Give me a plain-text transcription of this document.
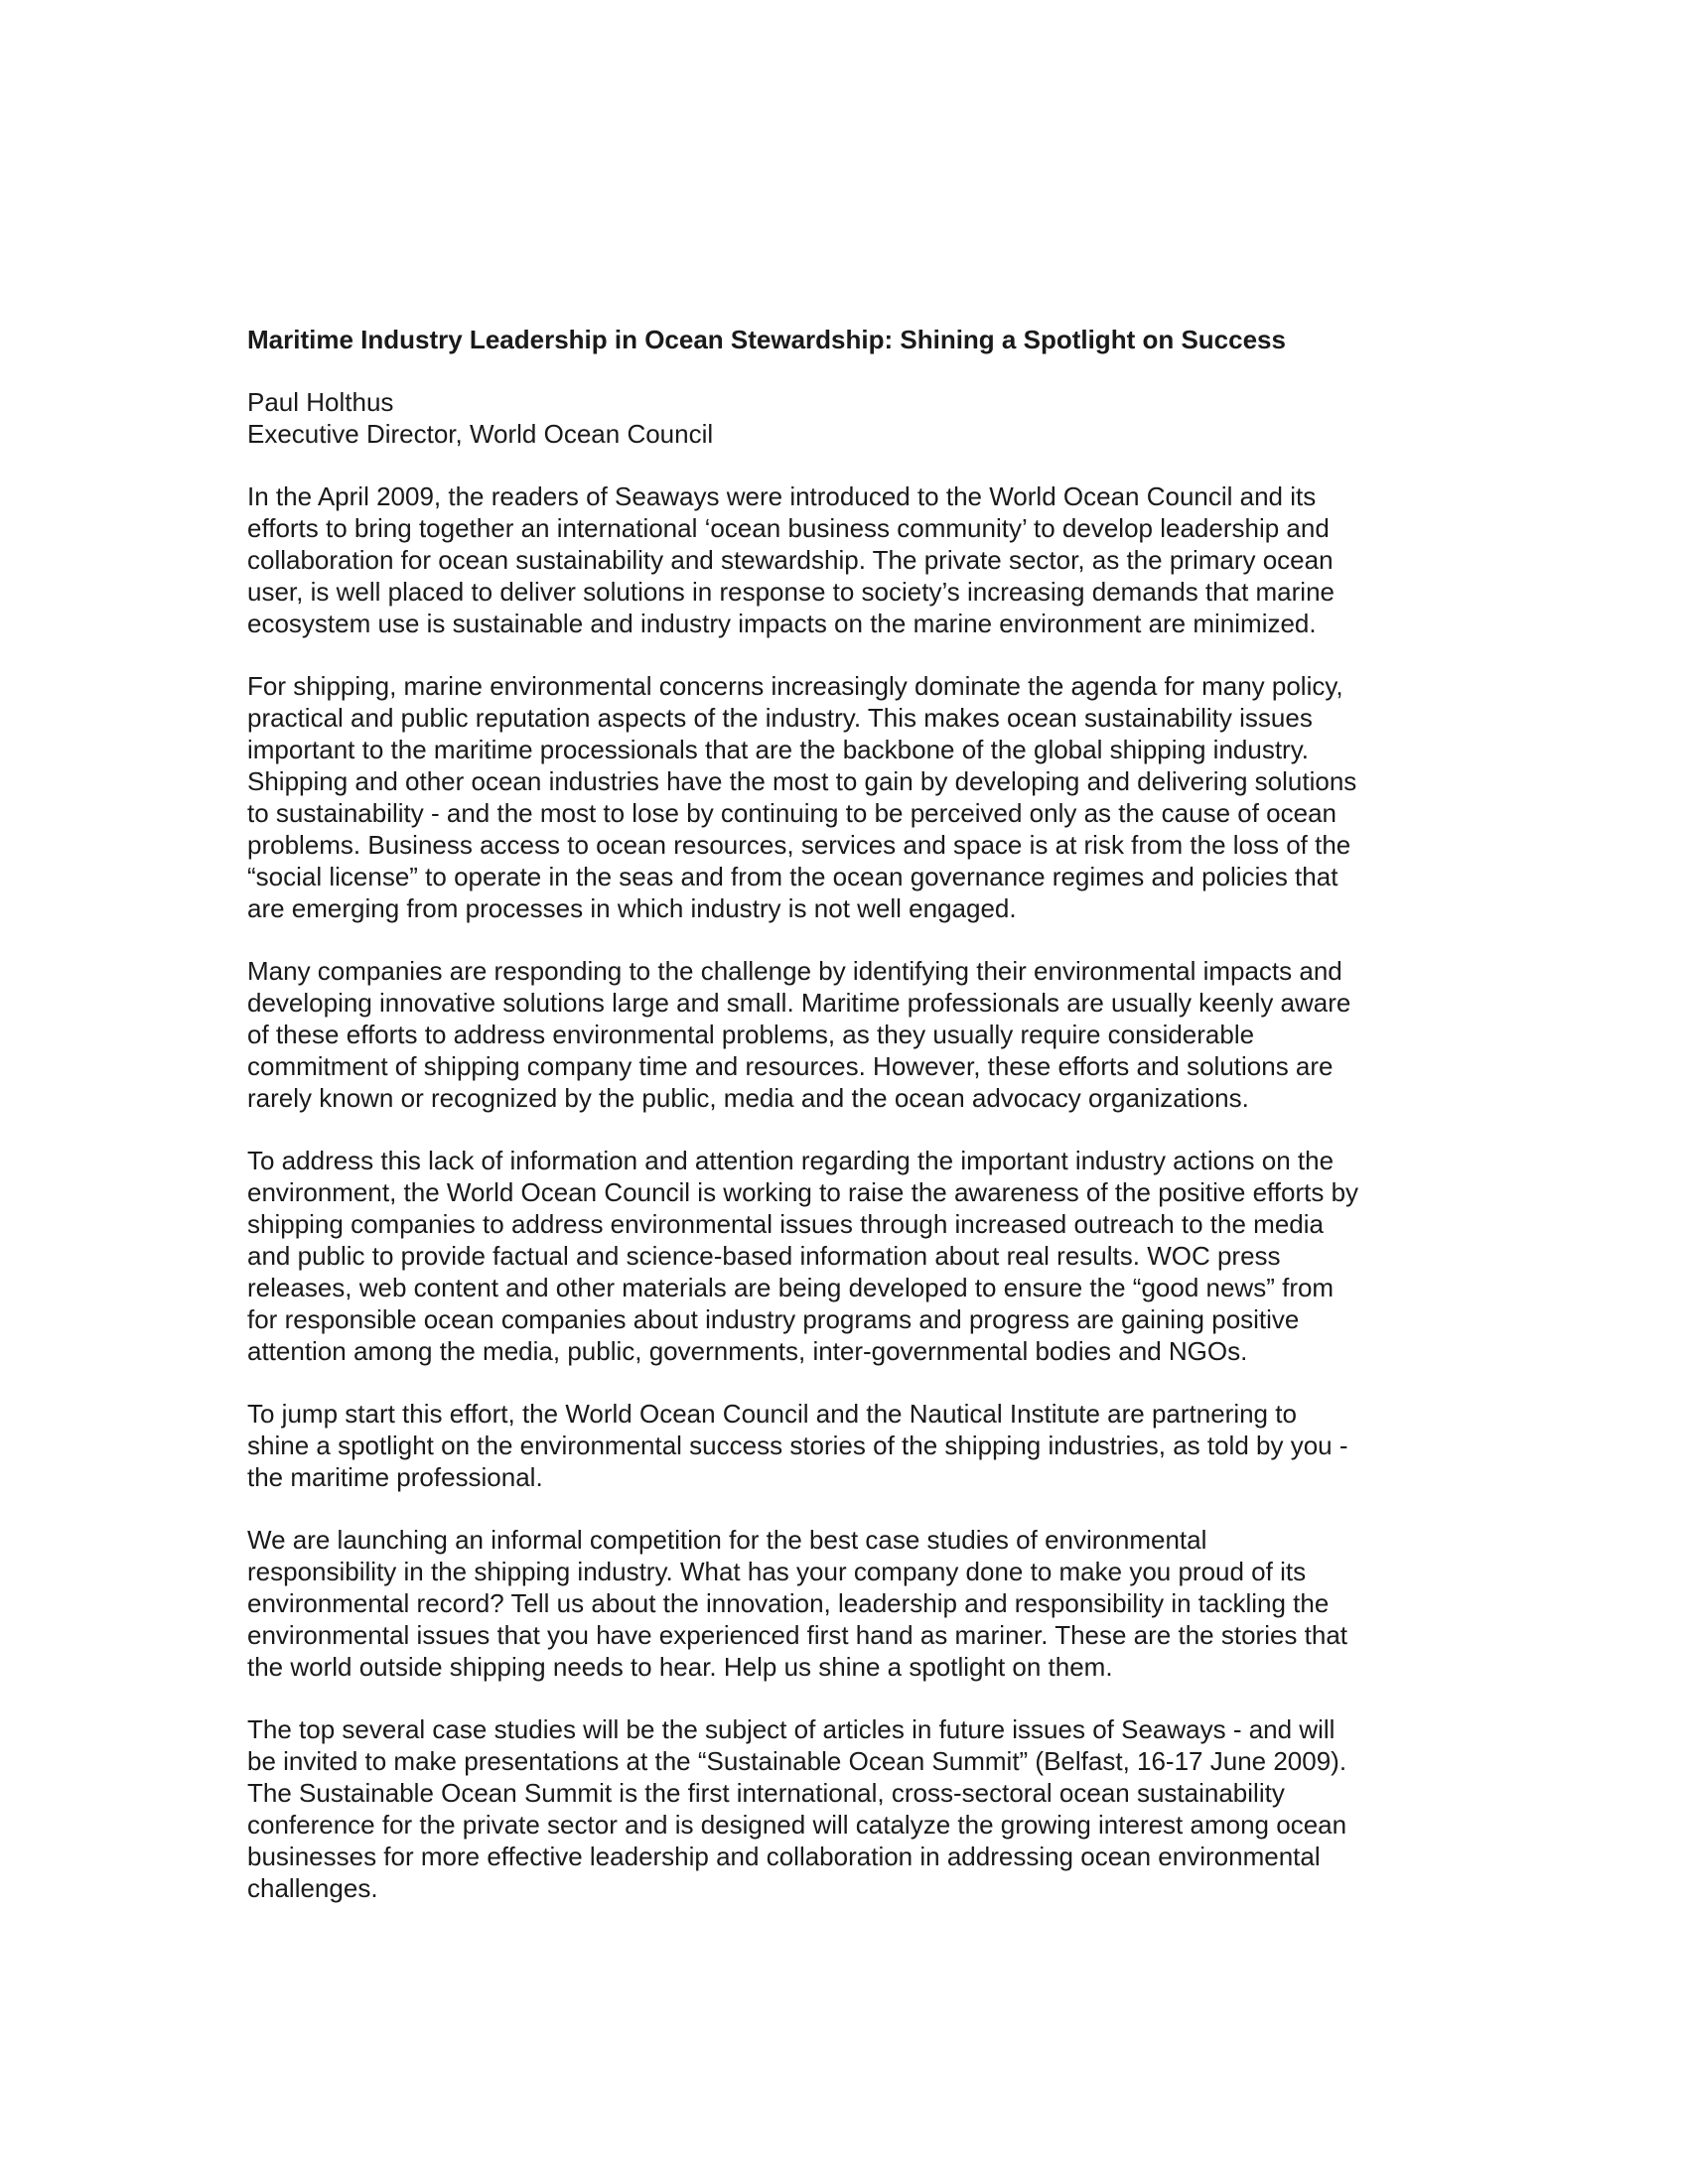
Maritime Industry Leadership in Ocean Stewardship: Shining a Spotlight on Success
Paul Holthus
Executive Director, World Ocean Council
In the April 2009, the readers of Seaways were introduced to the World Ocean Council and its
efforts to bring together an international ‘ocean business community’ to develop leadership and
collaboration for ocean sustainability and stewardship. The private sector, as the primary ocean
user, is well placed to deliver solutions in response to society’s increasing demands that marine
ecosystem use is sustainable and industry impacts on the marine environment are minimized.
For shipping, marine environmental concerns increasingly dominate the agenda for many policy,
practical and public reputation aspects of the industry. This makes ocean sustainability issues
important to the maritime processionals that are the backbone of the global shipping industry.
Shipping and other ocean industries have the most to gain by developing and delivering solutions
to sustainability - and the most to lose by continuing to be perceived only as the cause of ocean
problems. Business access to ocean resources, services and space is at risk from the loss of the
“social license” to operate in the seas and from the ocean governance regimes and policies that
are emerging from processes in which industry is not well engaged.
Many companies are responding to the challenge by identifying their environmental impacts and
developing innovative solutions large and small. Maritime professionals are usually keenly aware
of these efforts to address environmental problems, as they usually require considerable
commitment of shipping company time and resources. However, these efforts and solutions are
rarely known or recognized by the public, media and the ocean advocacy organizations.
To address this lack of information and attention regarding the important industry actions on the
environment, the World Ocean Council is working to raise the awareness of the positive efforts by
shipping companies to address environmental issues through increased outreach to the media
and public to provide factual and science-based information about real results. WOC press
releases, web content and other materials are being developed to ensure the “good news” from
for responsible ocean companies about industry programs and progress are gaining positive
attention among the media, public, governments, inter-governmental bodies and NGOs.
To jump start this effort, the World Ocean Council and the Nautical Institute are partnering to
shine a spotlight on the environmental success stories of the shipping industries, as told by you -
the maritime professional.
We are launching an informal competition for the best case studies of environmental
responsibility in the shipping industry. What has your company done to make you proud of its
environmental record? Tell us about the innovation, leadership and responsibility in tackling the
environmental issues that you have experienced first hand as mariner. These are the stories that
the world outside shipping needs to hear. Help us shine a spotlight on them.
The top several case studies will be the subject of articles in future issues of Seaways - and will
be invited to make presentations at the “Sustainable Ocean Summit” (Belfast, 16-17 June 2009).
The Sustainable Ocean Summit is the first international, cross-sectoral ocean sustainability
conference for the private sector and is designed will catalyze the growing interest among ocean
businesses for more effective leadership and collaboration in addressing ocean environmental
challenges.
